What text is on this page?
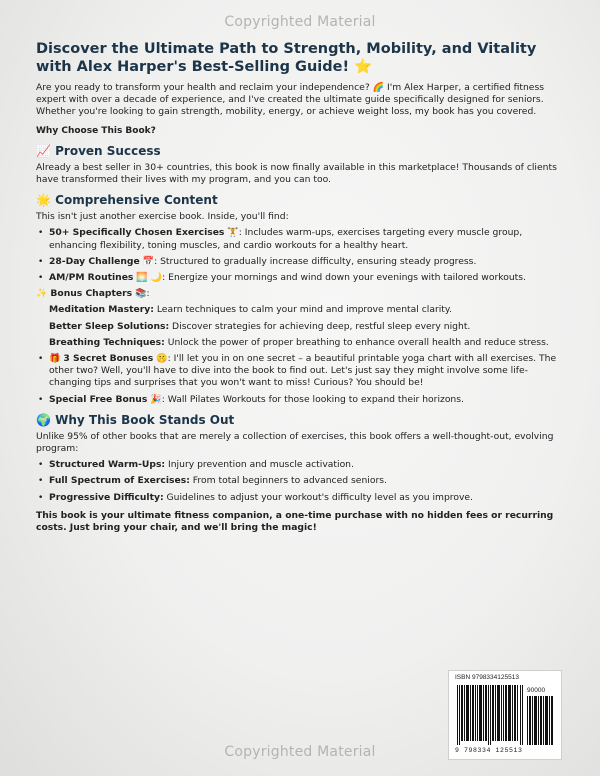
Copyrighted Material
Discover the Ultimate Path to Strength, Mobility, and Vitality with Alex Harper's Best-Selling Guide! ⭐

Are you ready to transform your health and reclaim your independence? 🌈 I'm Alex Harper, a certified fitness expert with over a decade of experience, and I've created the ultimate guide specifically designed for seniors. Whether you're looking to gain strength, mobility, energy, or achieve weight loss, my book has you covered.

Why Choose This Book?

📈 Proven Success

Already a best seller in 30+ countries, this book is now finally available in this marketplace! Thousands of clients have transformed their lives with my program, and you can too.

🌟 Comprehensive Content

This isn't just another exercise book. Inside, you'll find:

• 50+ Specifically Chosen Exercises 🏋: Includes warm-ups, exercises targeting every muscle group, enhancing flexibility, toning muscles, and cardio workouts for a healthy heart.
• 28-Day Challenge 📅: Structured to gradually increase difficulty, ensuring steady progress.
• AM/PM Routines 🌅 🌙: Energize your mornings and wind down your evenings with tailored workouts.
✨ Bonus Chapters 📚:
Meditation Mastery: Learn techniques to calm your mind and improve mental clarity.
Better Sleep Solutions: Discover strategies for achieving deep, restful sleep every night.
Breathing Techniques: Unlock the power of proper breathing to enhance overall health and reduce stress.
• 🎁 3 Secret Bonuses 🤫: I'll let you in on one secret – a beautiful printable yoga chart with all exercises. The other two? Well, you'll have to dive into the book to find out. Let's just say they might involve some life-changing tips and surprises that you won't want to miss! Curious? You should be!
• Special Free Bonus 🎉: Wall Pilates Workouts for those looking to expand their horizons.
🌍 Why This Book Stands Out

Unlike 95% of other books that are merely a collection of exercises, this book offers a well-thought-out, evolving program:

• Structured Warm-Ups: Injury prevention and muscle activation.
• Full Spectrum of Exercises: From total beginners to advanced seniors.
• Progressive Difficulty: Guidelines to adjust your workout's difficulty level as you improve.

This book is your ultimate fitness companion, a one-time purchase with no hidden fees or recurring costs. Just bring your chair, and we'll bring the magic!

ISBN 9798334125513
90000
9 798334 125513
Copyrighted Material
